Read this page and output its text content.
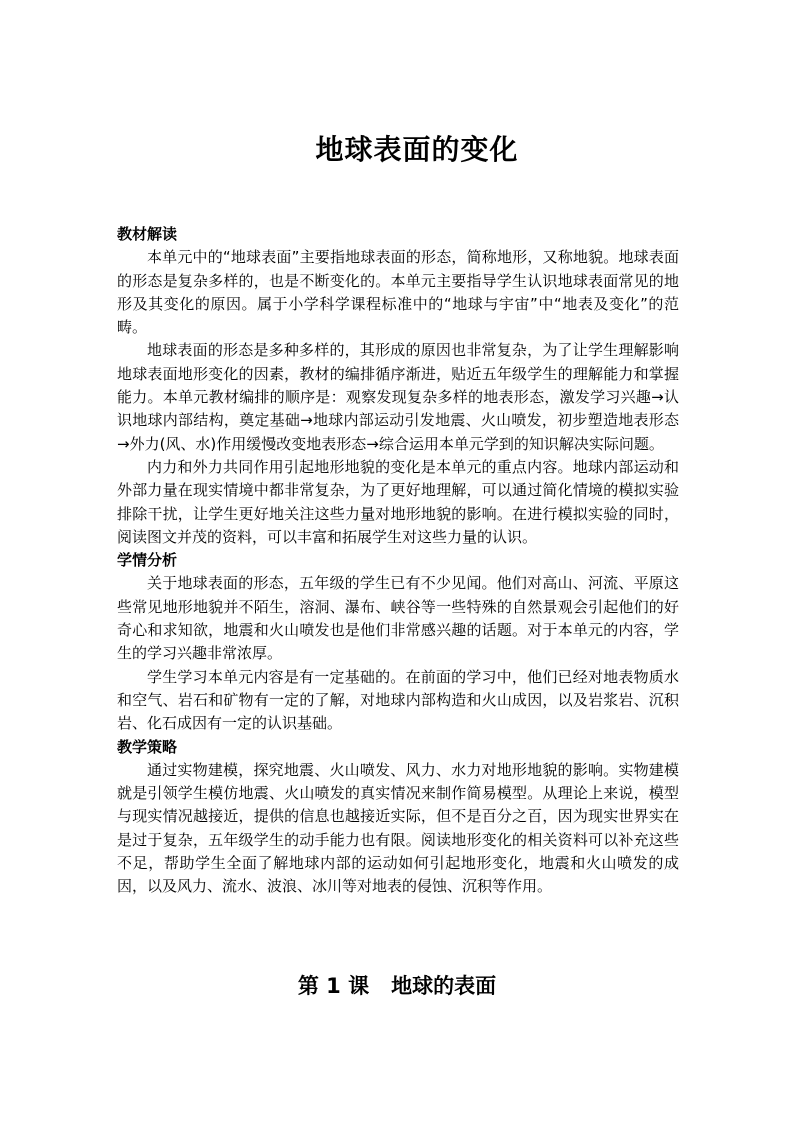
地球表面的变化
教材解读

本单元中的“地球表面”主要指地球表面的形态，简称地形，又称地貌。地球表面的形态是复杂多样的，也是不断变化的。本单元主要指导学生认识地球表面常见的地形及其变化的原因。属于小学科学课程标准中的“地球与宇宙”中“地表及变化”的范畴。

地球表面的形态是多种多样的，其形成的原因也非常复杂，为了让学生理解影响地球表面地形变化的因素，教材的编排循序渐进，贴近五年级学生的理解能力和掌握能力。本单元教材编排的顺序是：观察发现复杂多样的地表形态，激发学习兴趣→认识地球内部结构，奠定基础→地球内部运动引发地震、火山喷发，初步塑造地表形态→外力(风、水)作用缓慢改变地表形态→综合运用本单元学到的知识解决实际问题。

内力和外力共同作用引起地形地貌的变化是本单元的重点内容。地球内部运动和外部力量在现实情境中都非常复杂，为了更好地理解，可以通过简化情境的模拟实验排除干扰，让学生更好地关注这些力量对地形地貌的影响。在进行模拟实验的同时，阅读图文并茂的资料，可以丰富和拓展学生对这些力量的认识。

学情分析

关于地球表面的形态，五年级的学生已有不少见闻。他们对高山、河流、平原这些常见地形地貌并不陌生，溶洞、瀑布、峡谷等一些特殊的自然景观会引起他们的好奇心和求知欲，地震和火山喷发也是他们非常感兴趣的话题。对于本单元的内容，学生的学习兴趣非常浓厚。

学生学习本单元内容是有一定基础的。在前面的学习中，他们已经对地表物质水和空气、岩石和矿物有一定的了解，对地球内部构造和火山成因，以及岩浆岩、沉积岩、化石成因有一定的认识基础。

教学策略

通过实物建模，探究地震、火山喷发、风力、水力对地形地貌的影响。实物建模就是引领学生模仿地震、火山喷发的真实情况来制作简易模型。从理论上来说，模型与现实情况越接近，提供的信息也越接近实际，但不是百分之百，因为现实世界实在是过于复杂，五年级学生的动手能力也有限。阅读地形变化的相关资料可以补充这些不足，帮助学生全面了解地球内部的运动如何引起地形变化，地震和火山喷发的成因，以及风力、流水、波浪、冰川等对地表的侵蚀、沉积等作用。

第 1 课 地球的表面
